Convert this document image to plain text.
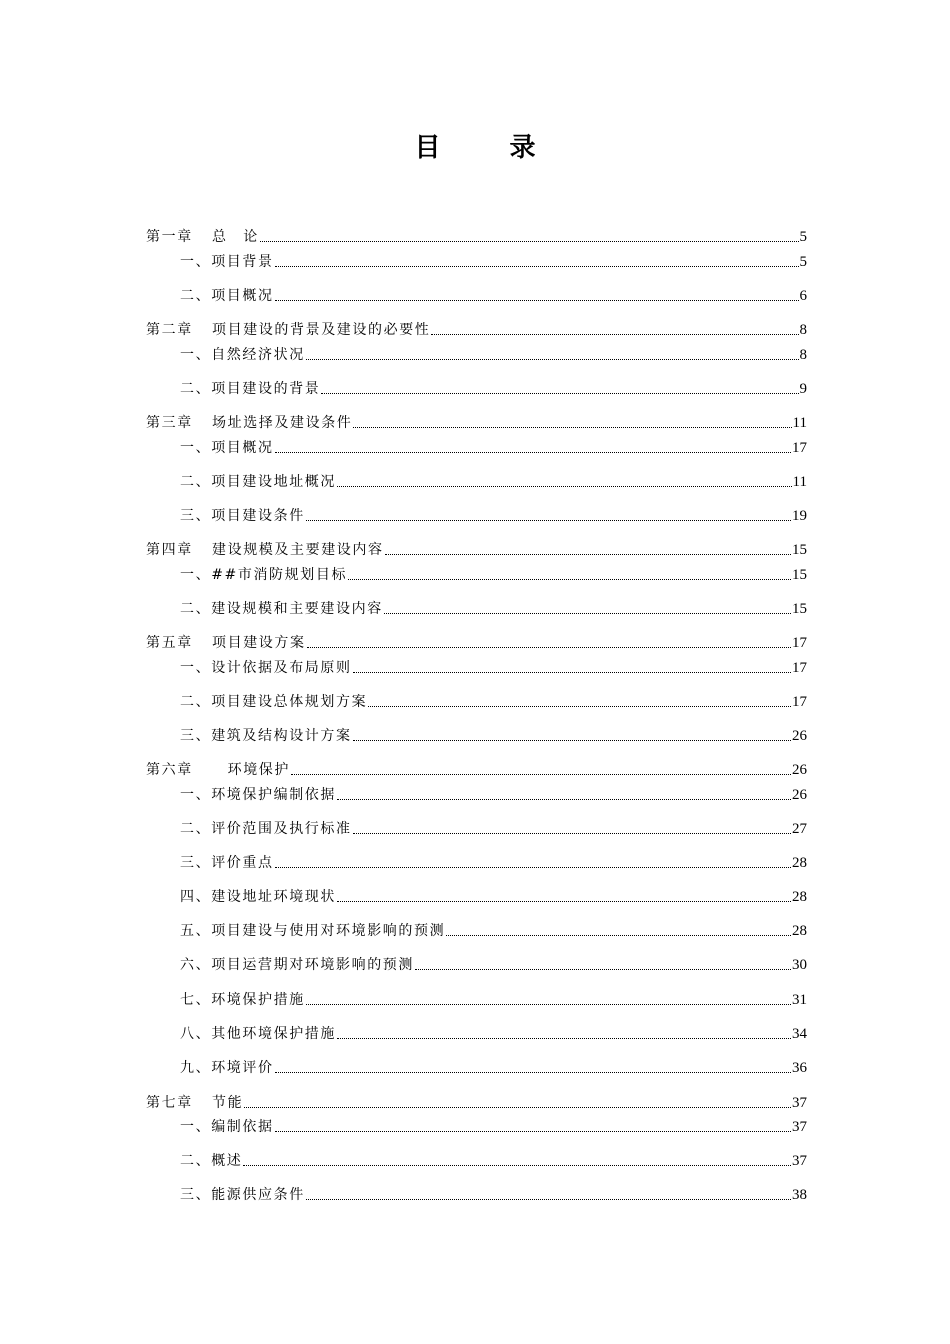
目 录
第一章 总　论	5
一、项目背景	5
二、项目概况	6
第二章 项目建设的背景及建设的必要性	8
一、自然经济状况	8
二、项目建设的背景	9
第三章 场址选择及建设条件	11
一、项目概况	17
二、项目建设地址概况	11
三、项目建设条件	19
第四章 建设规模及主要建设内容	15
一、##市消防规划目标	15
二、建设规模和主要建设内容	15
第五章 项目建设方案	17
一、设计依据及布局原则	17
二、项目建设总体规划方案	17
三、建筑及结构设计方案	26
第六章　环境保护	26
一、环境保护编制依据	26
二、评价范围及执行标准	27
三、评价重点	28
四、建设地址环境现状	28
五、项目建设与使用对环境影响的预测	28
六、项目运营期对环境影响的预测	30
七、环境保护措施	31
八、其他环境保护措施	34
九、环境评价	36
第七章 节能	37
一、编制依据	37
二、概述	37
三、能源供应条件	38
